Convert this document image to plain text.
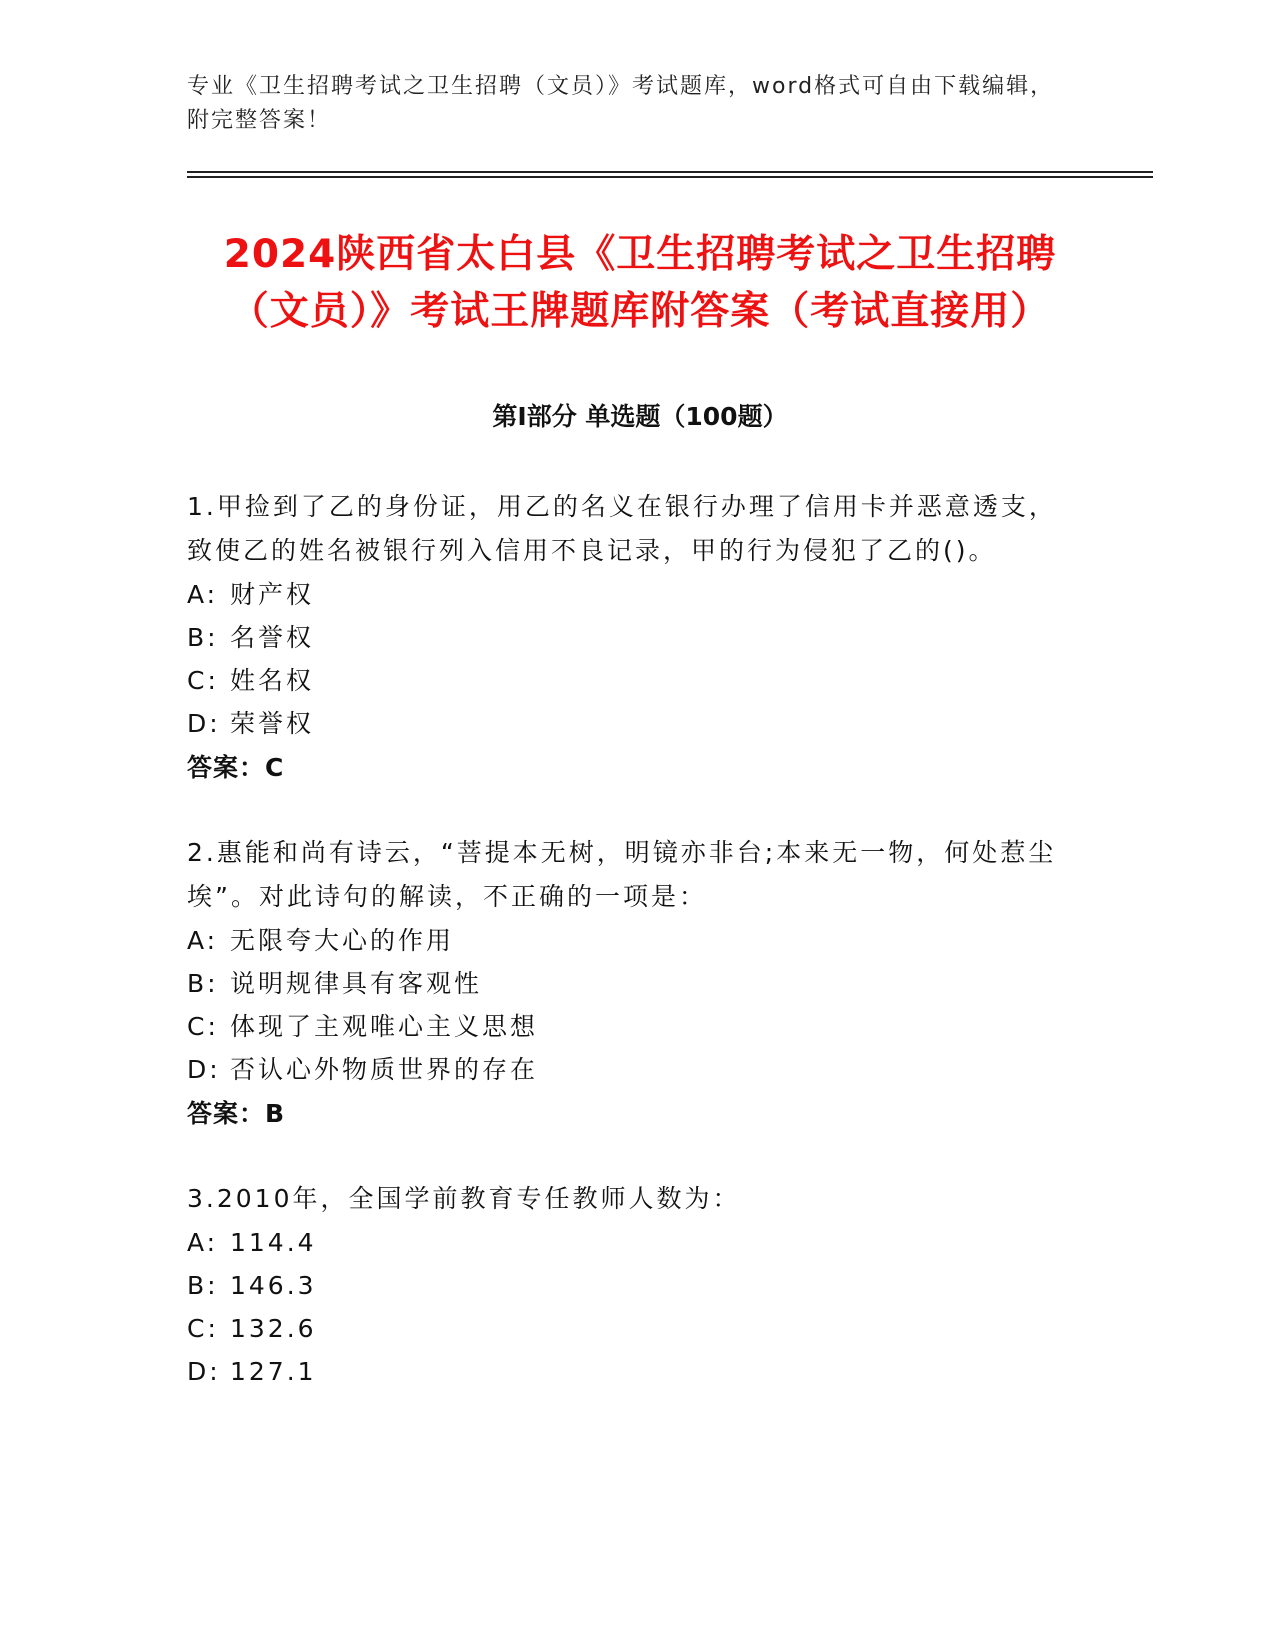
专业《卫生招聘考试之卫生招聘（文员）》考试题库，word格式可自由下载编辑，附完整答案！
2024陕西省太白县《卫生招聘考试之卫生招聘（文员）》考试王牌题库附答案（考试直接用）
第Ⅰ部分 单选题（100题）
1.甲捡到了乙的身份证，用乙的名义在银行办理了信用卡并恶意透支，致使乙的姓名被银行列入信用不良记录，甲的行为侵犯了乙的()。
A: 财产权
B: 名誉权
C: 姓名权
D: 荣誉权
答案：C
2.惠能和尚有诗云，“菩提本无树，明镜亦非台;本来无一物，何处惹尘埃”。对此诗句的解读，不正确的一项是：
A: 无限夸大心的作用
B: 说明规律具有客观性
C: 体现了主观唯心主义思想
D: 否认心外物质世界的存在
答案：B
3.2010年，全国学前教育专任教师人数为：
A: 114.4
B: 146.3
C: 132.6
D: 127.1
